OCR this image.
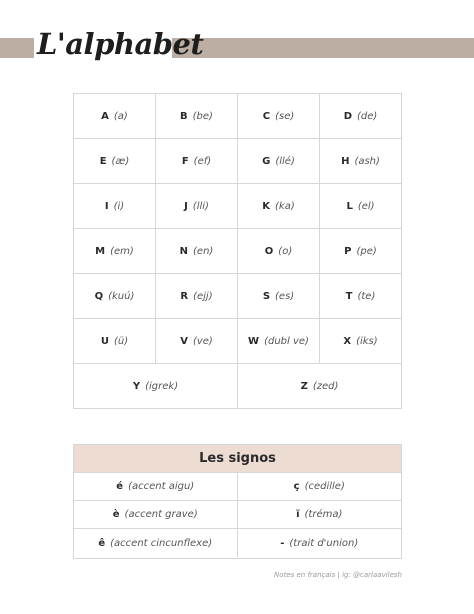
L'alphabet
A (a)	B (be)	C (se)	D (de)
E (æ)	F (ef)	G (llé)	H (ash)
I (i)	J (lli)	K (ka)	L (el)
M (em)	N (en)	O (o)	P (pe)
Q (kuú)	R (ejj)	S (es)	T (te)
U (ü)	V (ve)	W (dubl ve)	X (iks)
Y (igrek)	Z (zed)
Les signos
é (accent aigu)	ç (cedille)
è (accent grave)	ï (tréma)
ê (accent cincunflexe)	- (trait d'union)
Notes en français | ig: @carlaavilesh
